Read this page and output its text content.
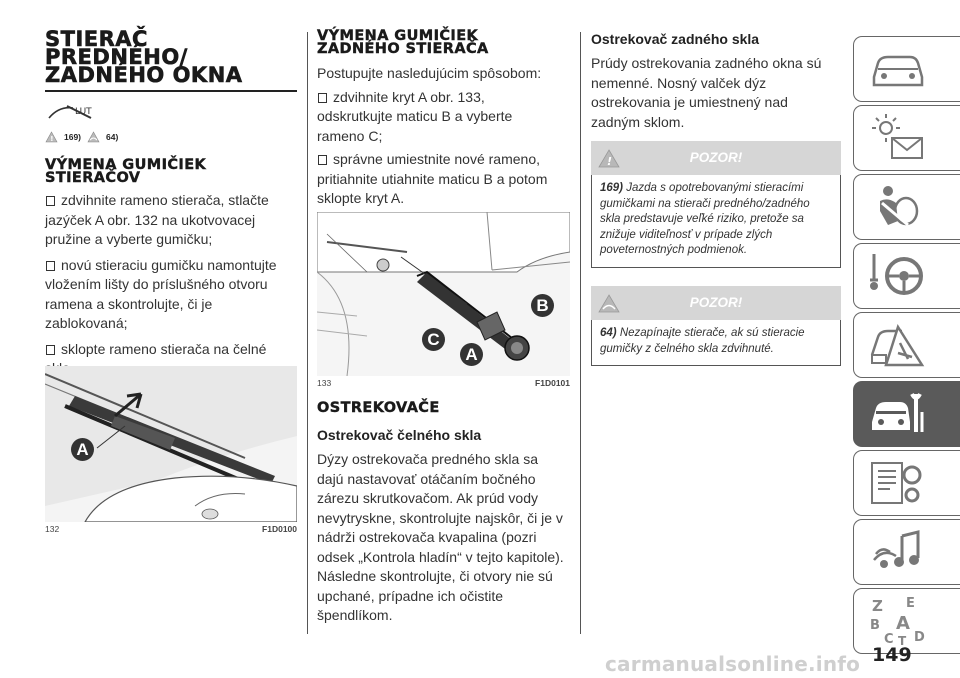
STIERAČ
PREDNÉHO/
ZADNÉHO OKNA
LUT
! 169)	64)
VÝMENA GUMIČIEK
STIERAČOV
zdvihnite rameno stierača, stlačte
jazýček A obr. 132 na ukotvovacej
pružine a vyberte gumičku;
novú stieraciu gumičku namontujte
vložením lišty do príslušného otvoru
ramena a skontrolujte, či je
zablokovaná;
sklopte rameno stierača na čelné
A
132	F1D0100
VÝMENA GUMIČIEK
ZADNÉHO STIERAČA
Postupujte nasledujúcim spôsobom:
zdvihnite kryt A obr. 133,
odskrutkujte maticu B a vyberte
rameno C;
správne umiestnite nové rameno,
pritiahnite utiahnite maticu B a potom
sklopte kryt A.
B
C
A
133	F1D0101
OSTREKOVAČE
Ostrekovač čelného skla
Dýzy ostrekovača predného skla sa
dajú nastavovať otáčaním bočného
zárezu skrutkovačom. Ak prúd vody
nevytryskne, skontrolujte najskôr, či je v
nádrži ostrekovača kvapalina (pozri
odsek „Kontrola hladín“ v tejto kapitole).
Následne skontrolujte, či otvory nie sú
upchané, prípadne ich očistite
špendlíkom.
Ostrekovač zadného skla
Prúdy ostrekovania zadného okna sú
nemenné. Nosný valček dýz
ostrekovania je umiestnený nad
zadným sklom.
!	POZOR!
169) Jazda s opotrebovanými stieracími
gumičkami na stierači predného/zadného
skla predstavuje veľké riziko, pretože sa
znižuje viditeľnosť v prípade zlých
poveternostných podmienok.
POZOR!
64) Nezapínajte stierače, ak sú stieracie
gumičky z čelného skla zdvihnuté.
Z E
B A
C T D
carmanualsonline.info 149
